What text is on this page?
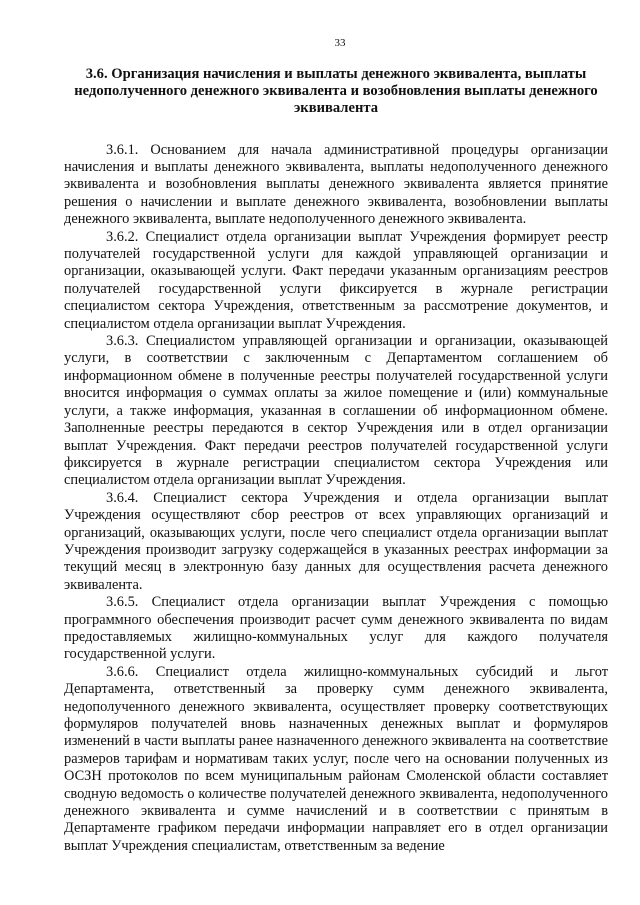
33
3.6. Организация начисления и выплаты денежного эквивалента, выплаты недополученного денежного эквивалента и возобновления выплаты денежного эквивалента

3.6.1. Основанием для начала административной процедуры организации начисления и выплаты денежного эквивалента, выплаты недополученного денежного эквивалента и возобновления выплаты денежного эквивалента является принятие решения о начислении и выплате денежного эквивалента, возобновлении выплаты денежного эквивалента, выплате недополученного денежного эквивалента.

3.6.2. Специалист отдела организации выплат Учреждения формирует реестр получателей государственной услуги для каждой управляющей организации и организации, оказывающей услуги. Факт передачи указанным организациям реестров получателей государственной услуги фиксируется в журнале регистрации специалистом сектора Учреждения, ответственным за рассмотрение документов, и специалистом отдела организации выплат Учреждения.

3.6.3. Специалистом управляющей организации и организации, оказывающей услуги, в соответствии с заключенным с Департаментом соглашением об информационном обмене в полученные реестры получателей государственной услуги вносится информация о суммах оплаты за жилое помещение и (или) коммунальные услуги, а также информация, указанная в соглашении об информационном обмене. Заполненные реестры передаются в сектор Учреждения или в отдел организации выплат Учреждения. Факт передачи реестров получателей государственной услуги фиксируется в журнале регистрации специалистом сектора Учреждения или специалистом отдела организации выплат Учреждения.

3.6.4. Специалист сектора Учреждения и отдела организации выплат Учреждения осуществляют сбор реестров от всех управляющих организаций и организаций, оказывающих услуги, после чего специалист отдела организации выплат Учреждения производит загрузку содержащейся в указанных реестрах информации за текущий месяц в электронную базу данных для осуществления расчета денежного эквивалента.

3.6.5. Специалист отдела организации выплат Учреждения с помощью программного обеспечения производит расчет сумм денежного эквивалента по видам предоставляемых жилищно-коммунальных услуг для каждого получателя государственной услуги.

3.6.6. Специалист отдела жилищно-коммунальных субсидий и льгот Департамента, ответственный за проверку сумм денежного эквивалента, недополученного денежного эквивалента, осуществляет проверку соответствующих формуляров получателей вновь назначенных денежных выплат и формуляров изменений в части выплаты ранее назначенного денежного эквивалента на соответствие размеров тарифам и нормативам таких услуг, после чего на основании полученных из ОСЗН протоколов по всем муниципальным районам Смоленской области составляет сводную ведомость о количестве получателей денежного эквивалента, недополученного денежного эквивалента и сумме начислений и в соответствии с принятым в Департаменте графиком передачи информации направляет его в отдел организации выплат Учреждения специалистам, ответственным за ведение
